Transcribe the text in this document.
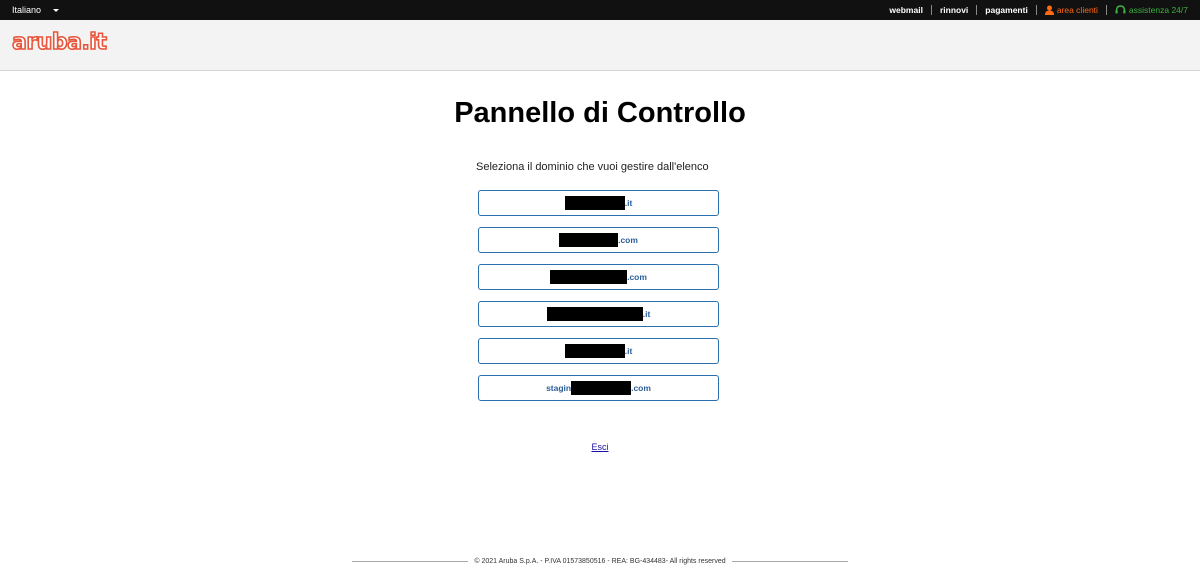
Italiano	webmail	rinnovi	pagamenti	area clienti	assistenza 24/7
aruba.it
Pannello di Controllo
Seleziona il dominio che vuoi gestire dall'elenco
.it
.com
.com
.it
.it
stagin	.com
Esci
© 2021 Aruba S.p.A. - P.IVA 01573850516 - REA: BG-434483- All rights reserved
